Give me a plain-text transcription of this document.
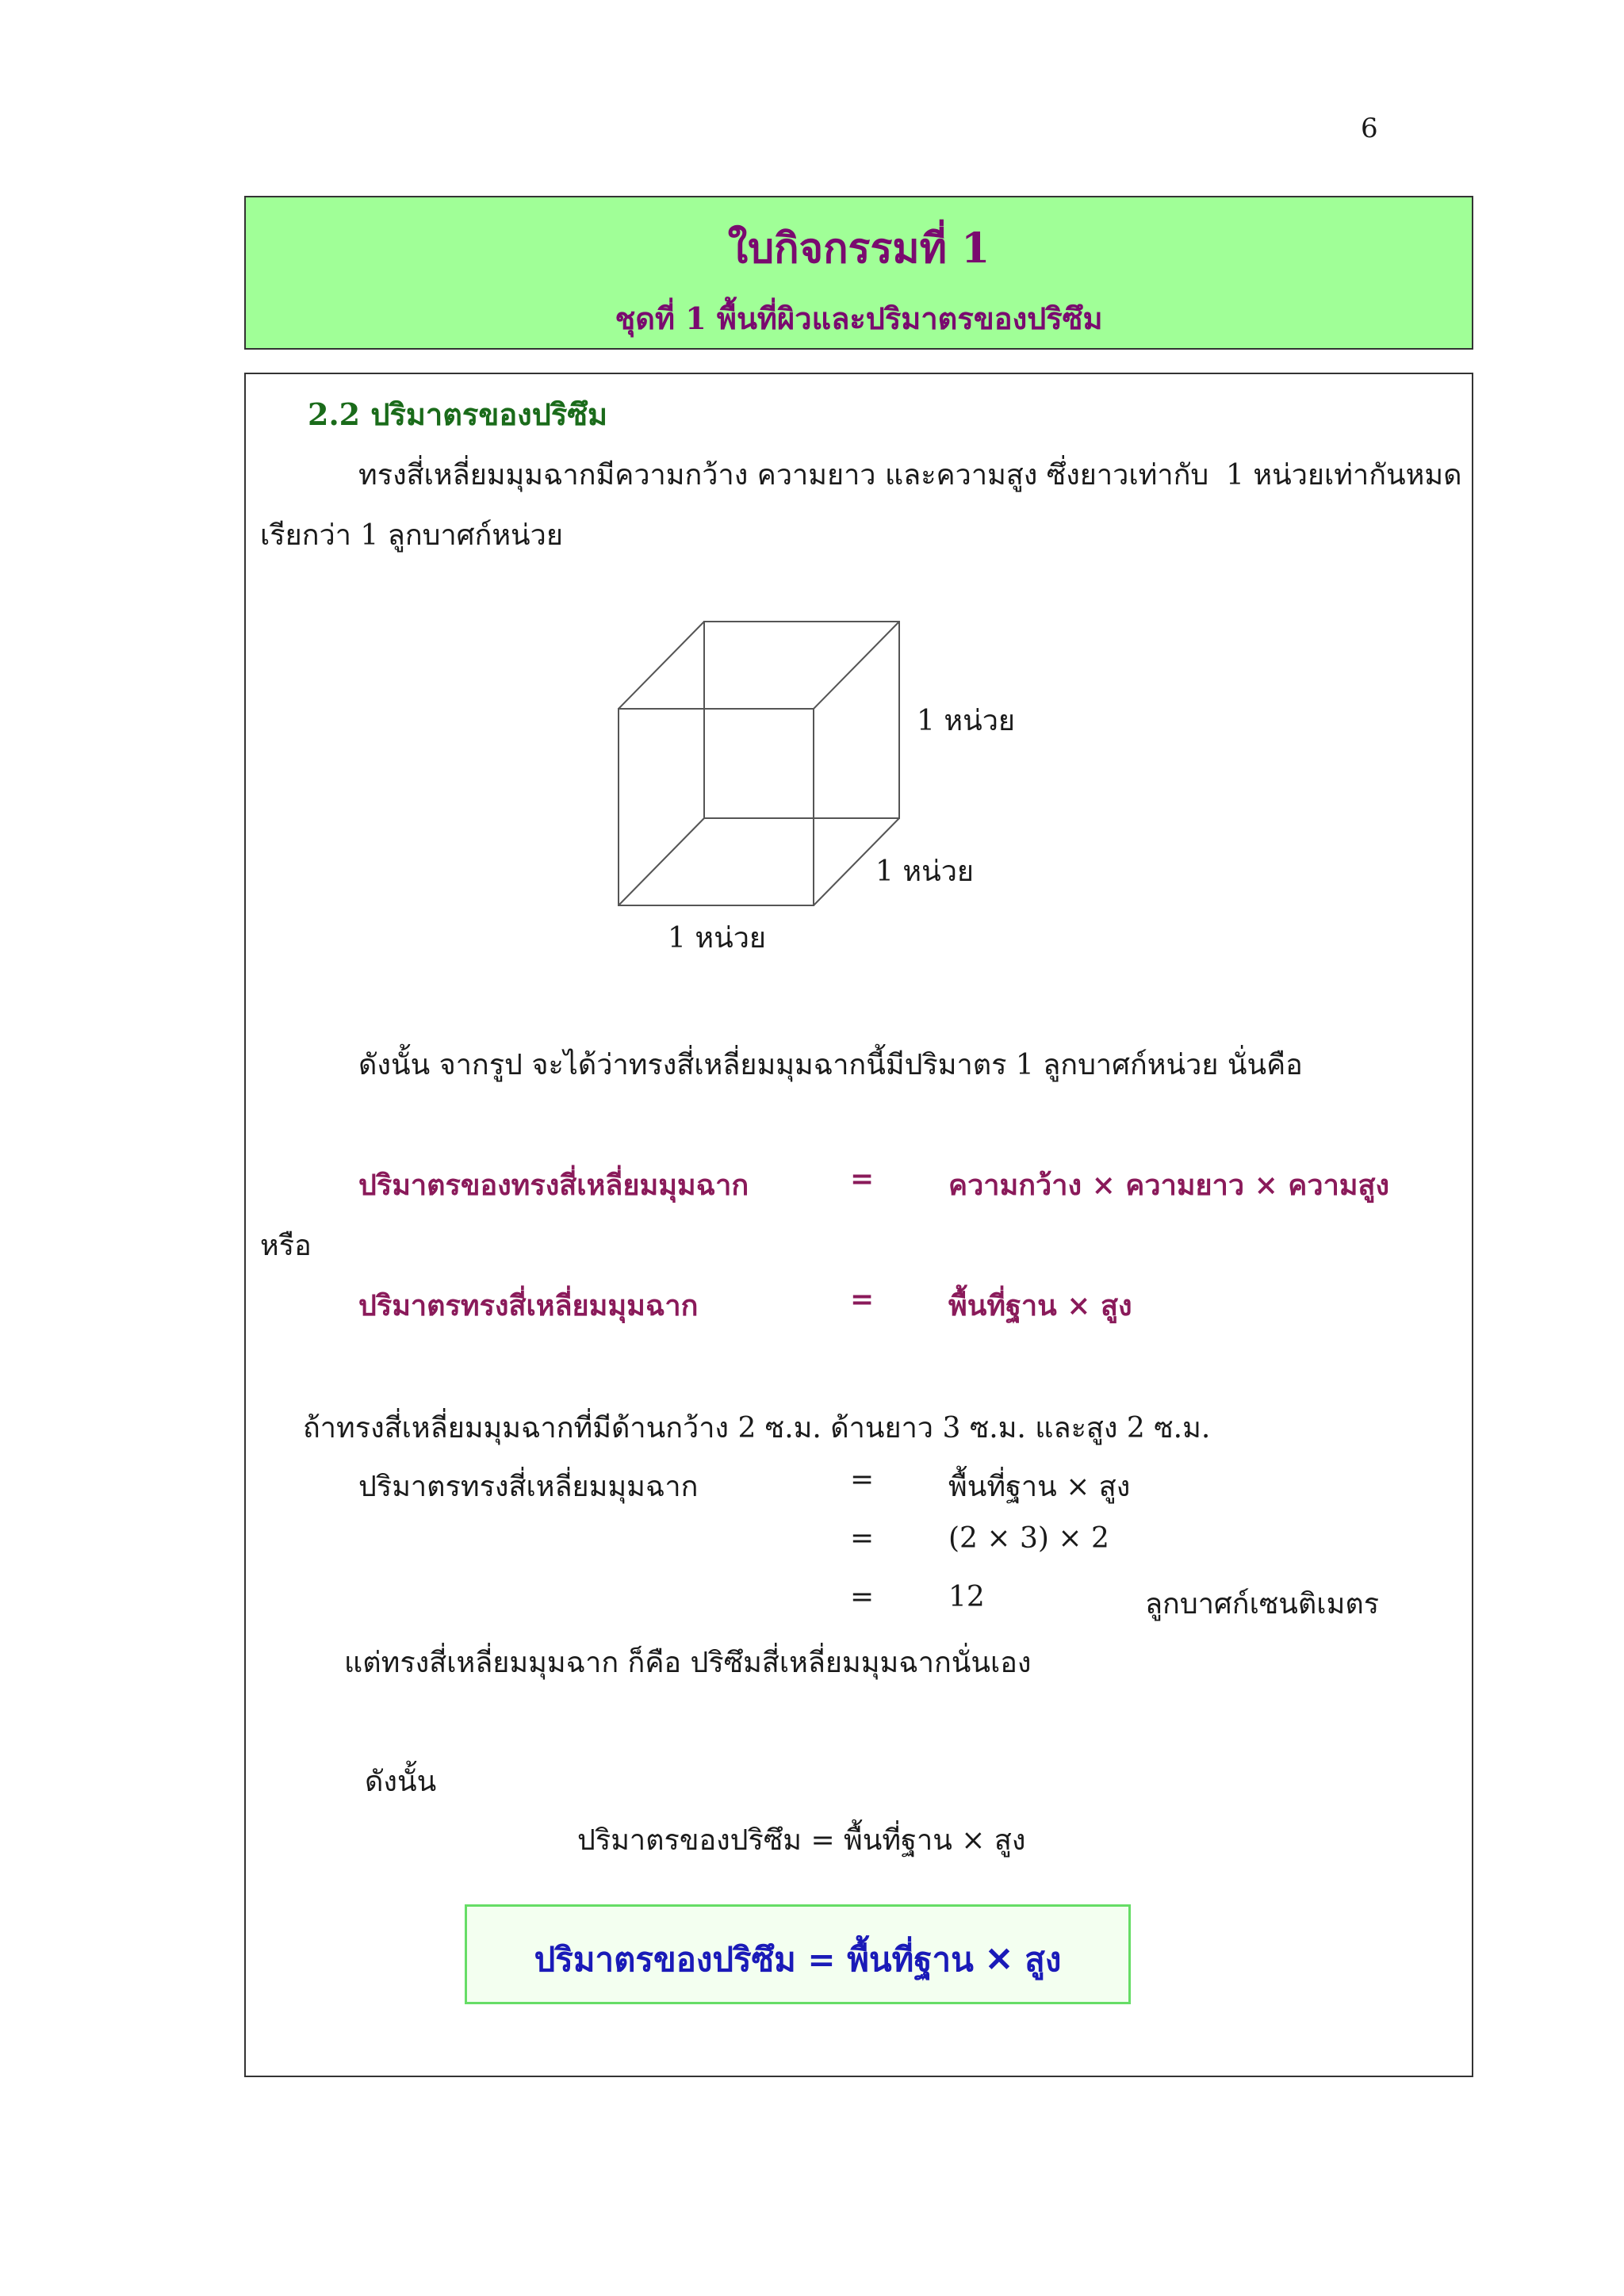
6
ใบกิจกรรมที่ 1
ชุดที่ 1 พื้นที่ผิวและปริมาตรของปริซึม
2.2 ปริมาตรของปริซึม
ทรงสี่เหลี่ยมมุมฉากมีความกว้าง ความยาว และความสูง ซึ่งยาวเท่ากับ 1 หน่วยเท่ากันหมด
เรียกว่า 1 ลูกบาศก์หน่วย
1 หน่วย
1 หน่วย
1 หน่วย
ดังนั้น จากรูป จะได้ว่าทรงสี่เหลี่ยมมุมฉากนี้มีปริมาตร 1 ลูกบาศก์หน่วย นั่นคือ
ปริมาตรของทรงสี่เหลี่ยมมุมฉาก	=	ความกว้าง × ความยาว × ความสูง
หรือ
ปริมาตรทรงสี่เหลี่ยมมุมฉาก	=	พื้นที่ฐาน × สูง
ถ้าทรงสี่เหลี่ยมมุมฉากที่มีด้านกว้าง 2 ซ.ม. ด้านยาว 3 ซ.ม. และสูง 2 ซ.ม.
ปริมาตรทรงสี่เหลี่ยมมุมฉาก	=	พื้นที่ฐาน × สูง
=	(2 × 3) × 2
=	12	ลูกบาศก์เซนติเมตร
แต่ทรงสี่เหลี่ยมมุมฉาก ก็คือ ปริซึมสี่เหลี่ยมมุมฉากนั่นเอง
ดังนั้น
ปริมาตรของปริซึม = พื้นที่ฐาน × สูง
ปริมาตรของปริซึม = พื้นที่ฐาน ✕ สูง
